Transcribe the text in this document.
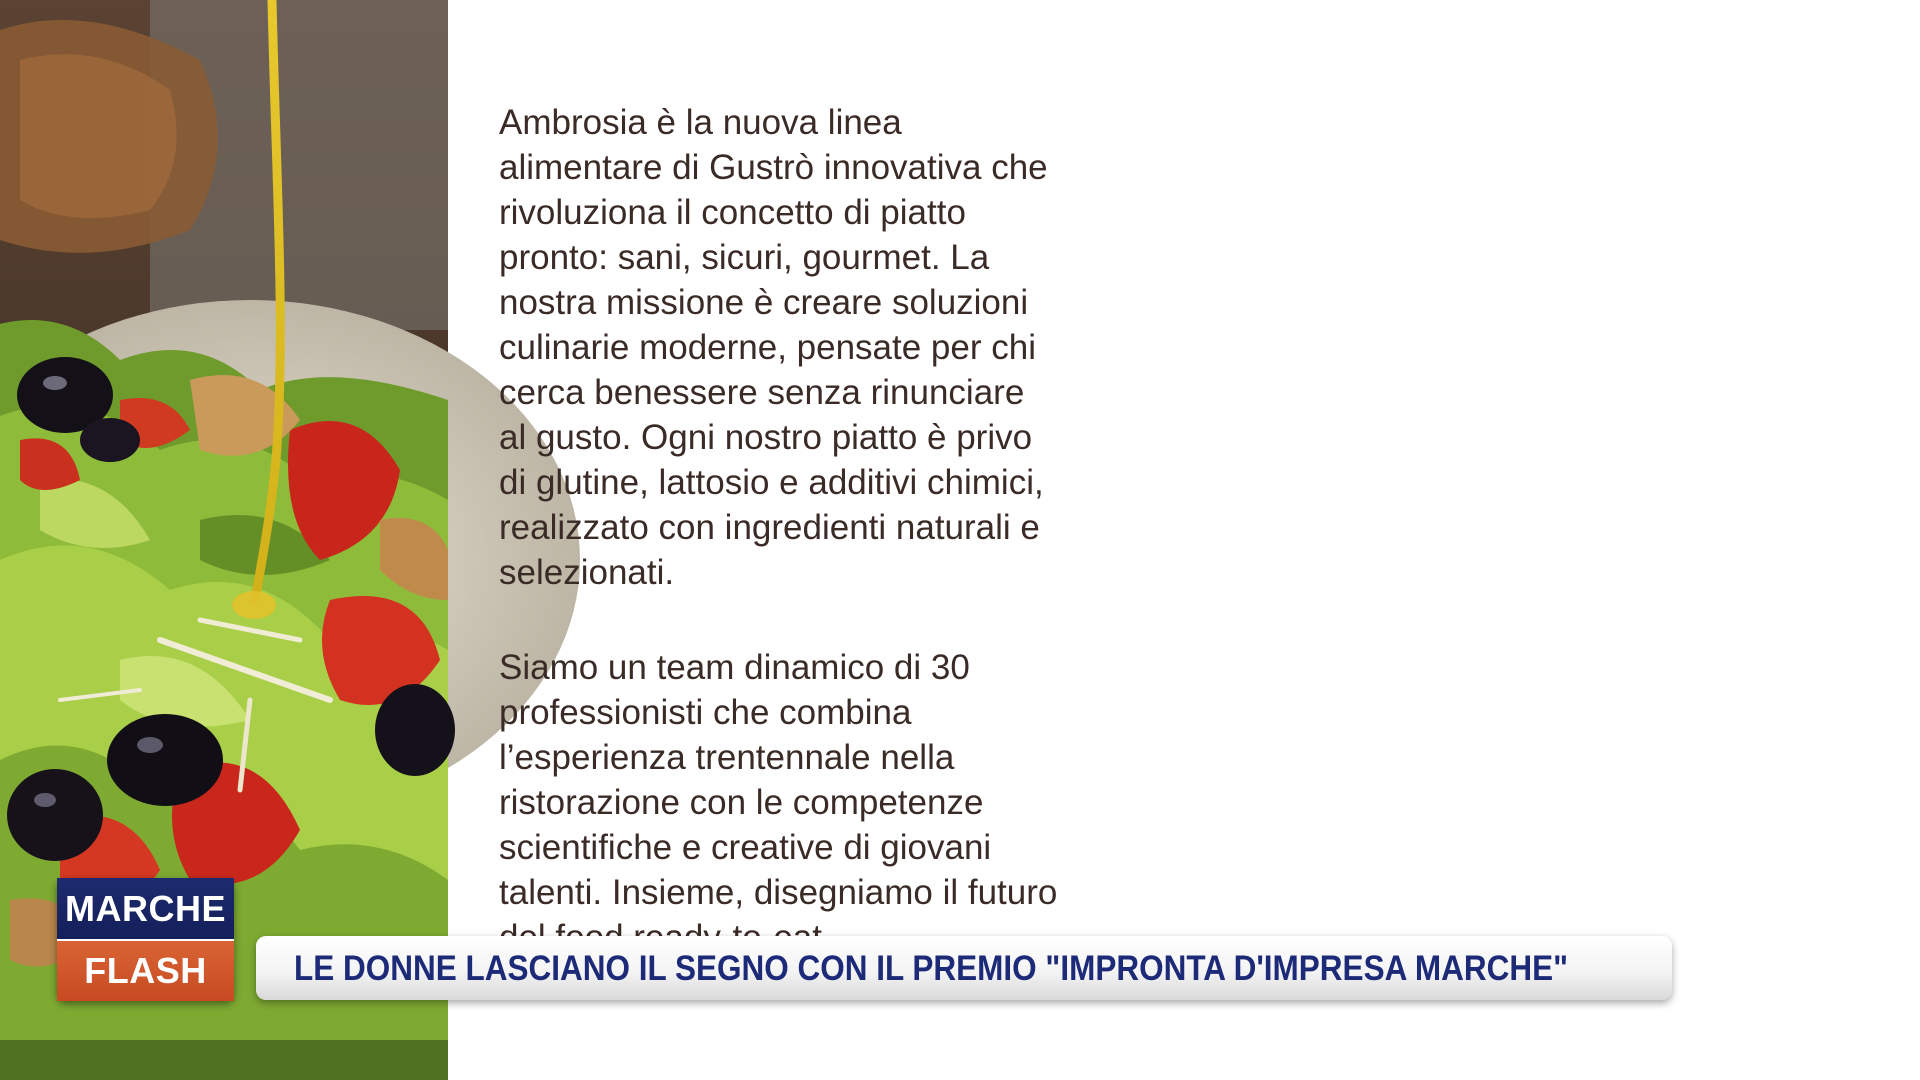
Ambrosia è la nuova linea
alimentare di Gustrò innovativa che
rivoluziona il concetto di piatto
pronto: sani, sicuri, gourmet. La
nostra missione è creare soluzioni
culinarie moderne, pensate per chi
cerca benessere senza rinunciare
al gusto. Ogni nostro piatto è privo
di glutine, lattosio e additivi chimici,
realizzato con ingredienti naturali e
selezionati.

Siamo un team dinamico di 30
professionisti che combina
l’esperienza trentennale nella
ristorazione con le competenze
scientifiche e creative di giovani
talenti. Insieme, disegniamo il futuro

MARCHE
FLASH	LE DONNE LASCIANO IL SEGNO CON IL PREMIO "IMPRONTA D'IMPRESA MARCHE"
